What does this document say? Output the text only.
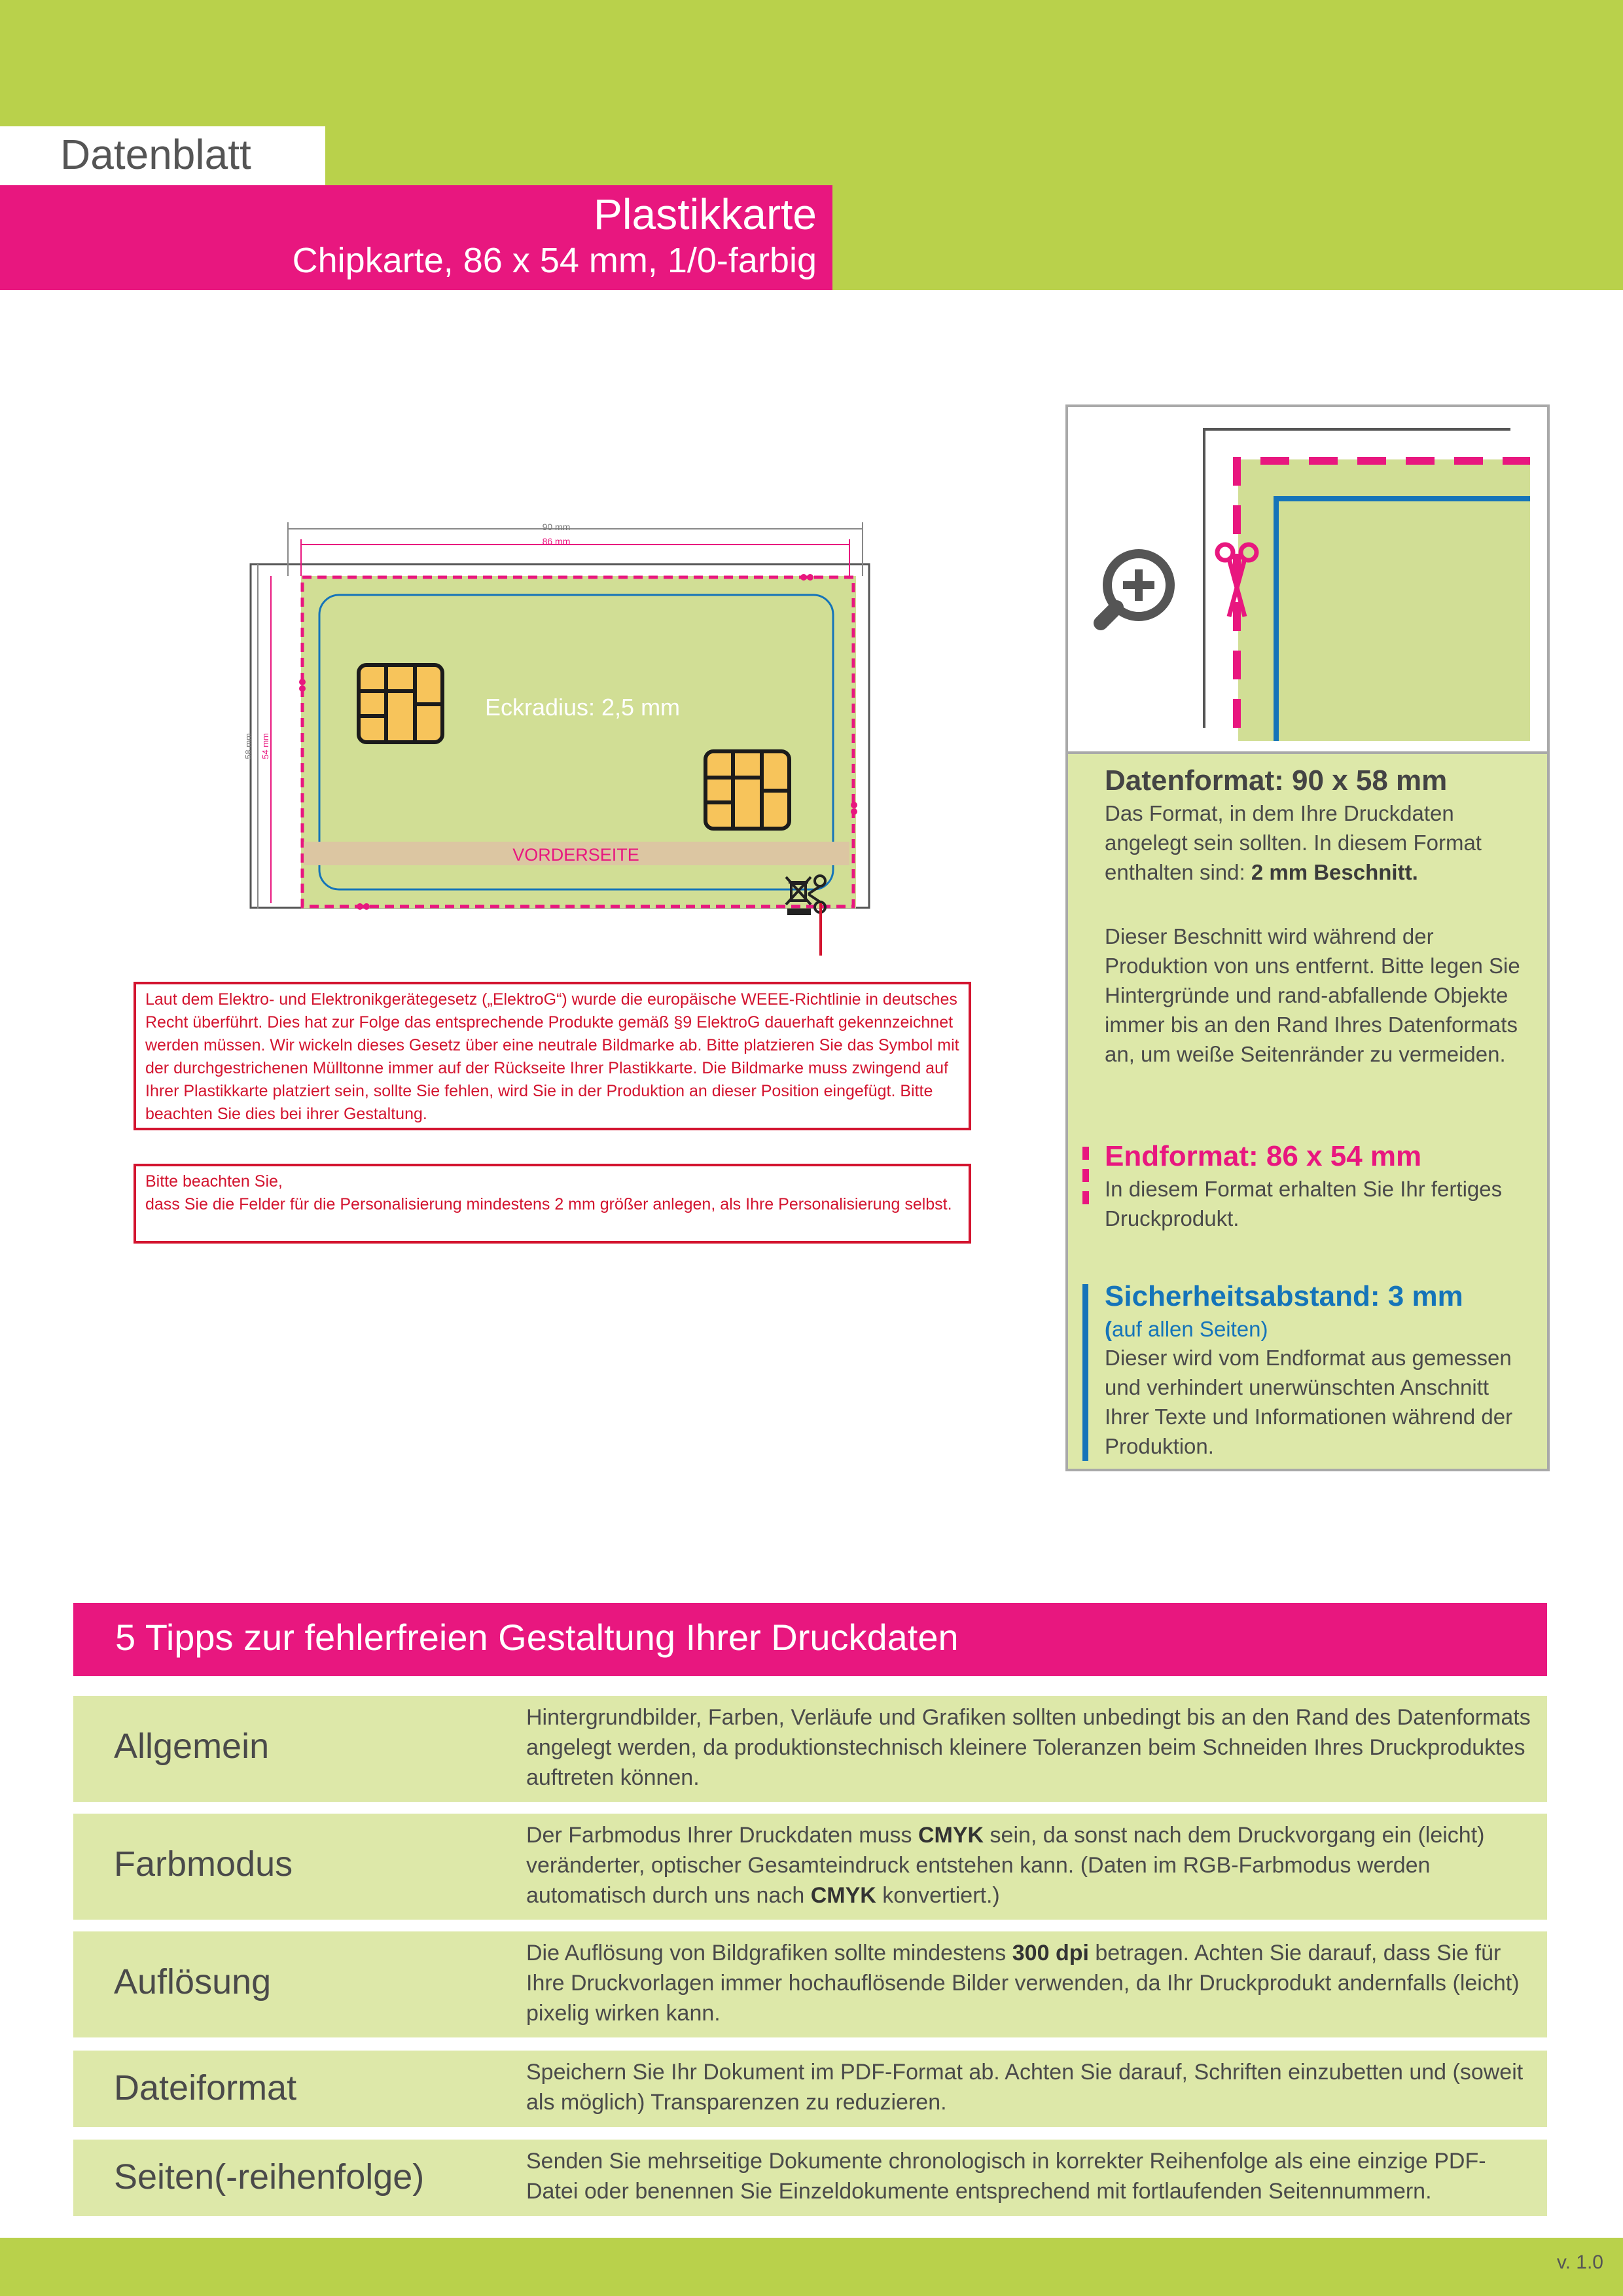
Datenblatt
Plastikkarte
Chipkarte, 86 x 54 mm, 1/0-farbig
VORDERSEITE
Eckradius: 2,5 mm
90 mm
86 mm
58 mm 54 mm
Laut dem Elektro- und Elektronikgerätegesetz („ElektroG“) wurde die europäische WEEE-Richtlinie in deutsches Recht überführt. Dies hat zur Folge das entsprechende Produkte gemäß §9 ElektroG dauerhaft gekennzeichnet werden müssen. Wir wickeln dieses Gesetz über eine neutrale Bildmarke ab. Bitte platzieren Sie das Symbol mit der durchgestrichenen Mülltonne immer auf der Rückseite Ihrer Plastikkarte. Die Bildmarke muss zwingend auf Ihrer Plastikkarte platziert sein, sollte Sie fehlen, wird Sie in der Produktion an dieser Position eingefügt. Bitte beachten Sie dies bei ihrer Gestaltung.
Bitte beachten Sie,
dass Sie die Felder für die Personalisierung mindestens 2 mm größer anlegen, als Ihre Personalisierung selbst.
Datenformat: 90 x 58 mm
Das Format, in dem Ihre Druckdaten angelegt sein sollten. In diesem Format enthalten sind: 2 mm Beschnitt.
Dieser Beschnitt wird während der Produktion von uns entfernt. Bitte legen Sie Hintergründe und rand-abfallende Objekte immer bis an den Rand Ihres Datenformats an, um weiße Seitenränder zu vermeiden.
Endformat: 86 x 54 mm
In diesem Format erhalten Sie Ihr fertiges Druckprodukt.
Sicherheitsabstand: 3 mm
(auf allen Seiten)
Dieser wird vom Endformat aus gemessen und verhindert unerwünschten Anschnitt Ihrer Texte und Informationen während der Produktion.
5 Tipps zur fehlerfreien Gestaltung Ihrer Druckdaten
Allgemein
Hintergrundbilder, Farben, Verläufe und Grafiken sollten unbedingt bis an den Rand des Datenformats angelegt werden, da produktionstechnisch kleinere Toleranzen beim Schneiden Ihres Druckproduktes auftreten können.
Farbmodus
Der Farbmodus Ihrer Druckdaten muss CMYK sein, da sonst nach dem Druckvorgang ein (leicht) veränderter, optischer Gesamteindruck entstehen kann. (Daten im RGB-Farbmodus werden automatisch durch uns nach CMYK konvertiert.)
Auflösung
Die Auflösung von Bildgrafiken sollte mindestens 300 dpi betragen. Achten Sie darauf, dass Sie für Ihre Druckvorlagen immer hochauflösende Bilder verwenden, da Ihr Druckprodukt andernfalls (leicht) pixelig wirken kann.
Dateiformat	Speichern Sie Ihr Dokument im PDF-Format ab. Achten Sie darauf, Schriften einzubetten und (soweit als möglich) Transparenzen zu reduzieren.
Seiten(-reihenfolge)	Senden Sie mehrseitige Dokumente chronologisch in korrekter Reihenfolge als eine einzige PDF-Datei oder benennen Sie Einzeldokumente entsprechend mit fortlaufenden Seitennummern.
v. 1.0
